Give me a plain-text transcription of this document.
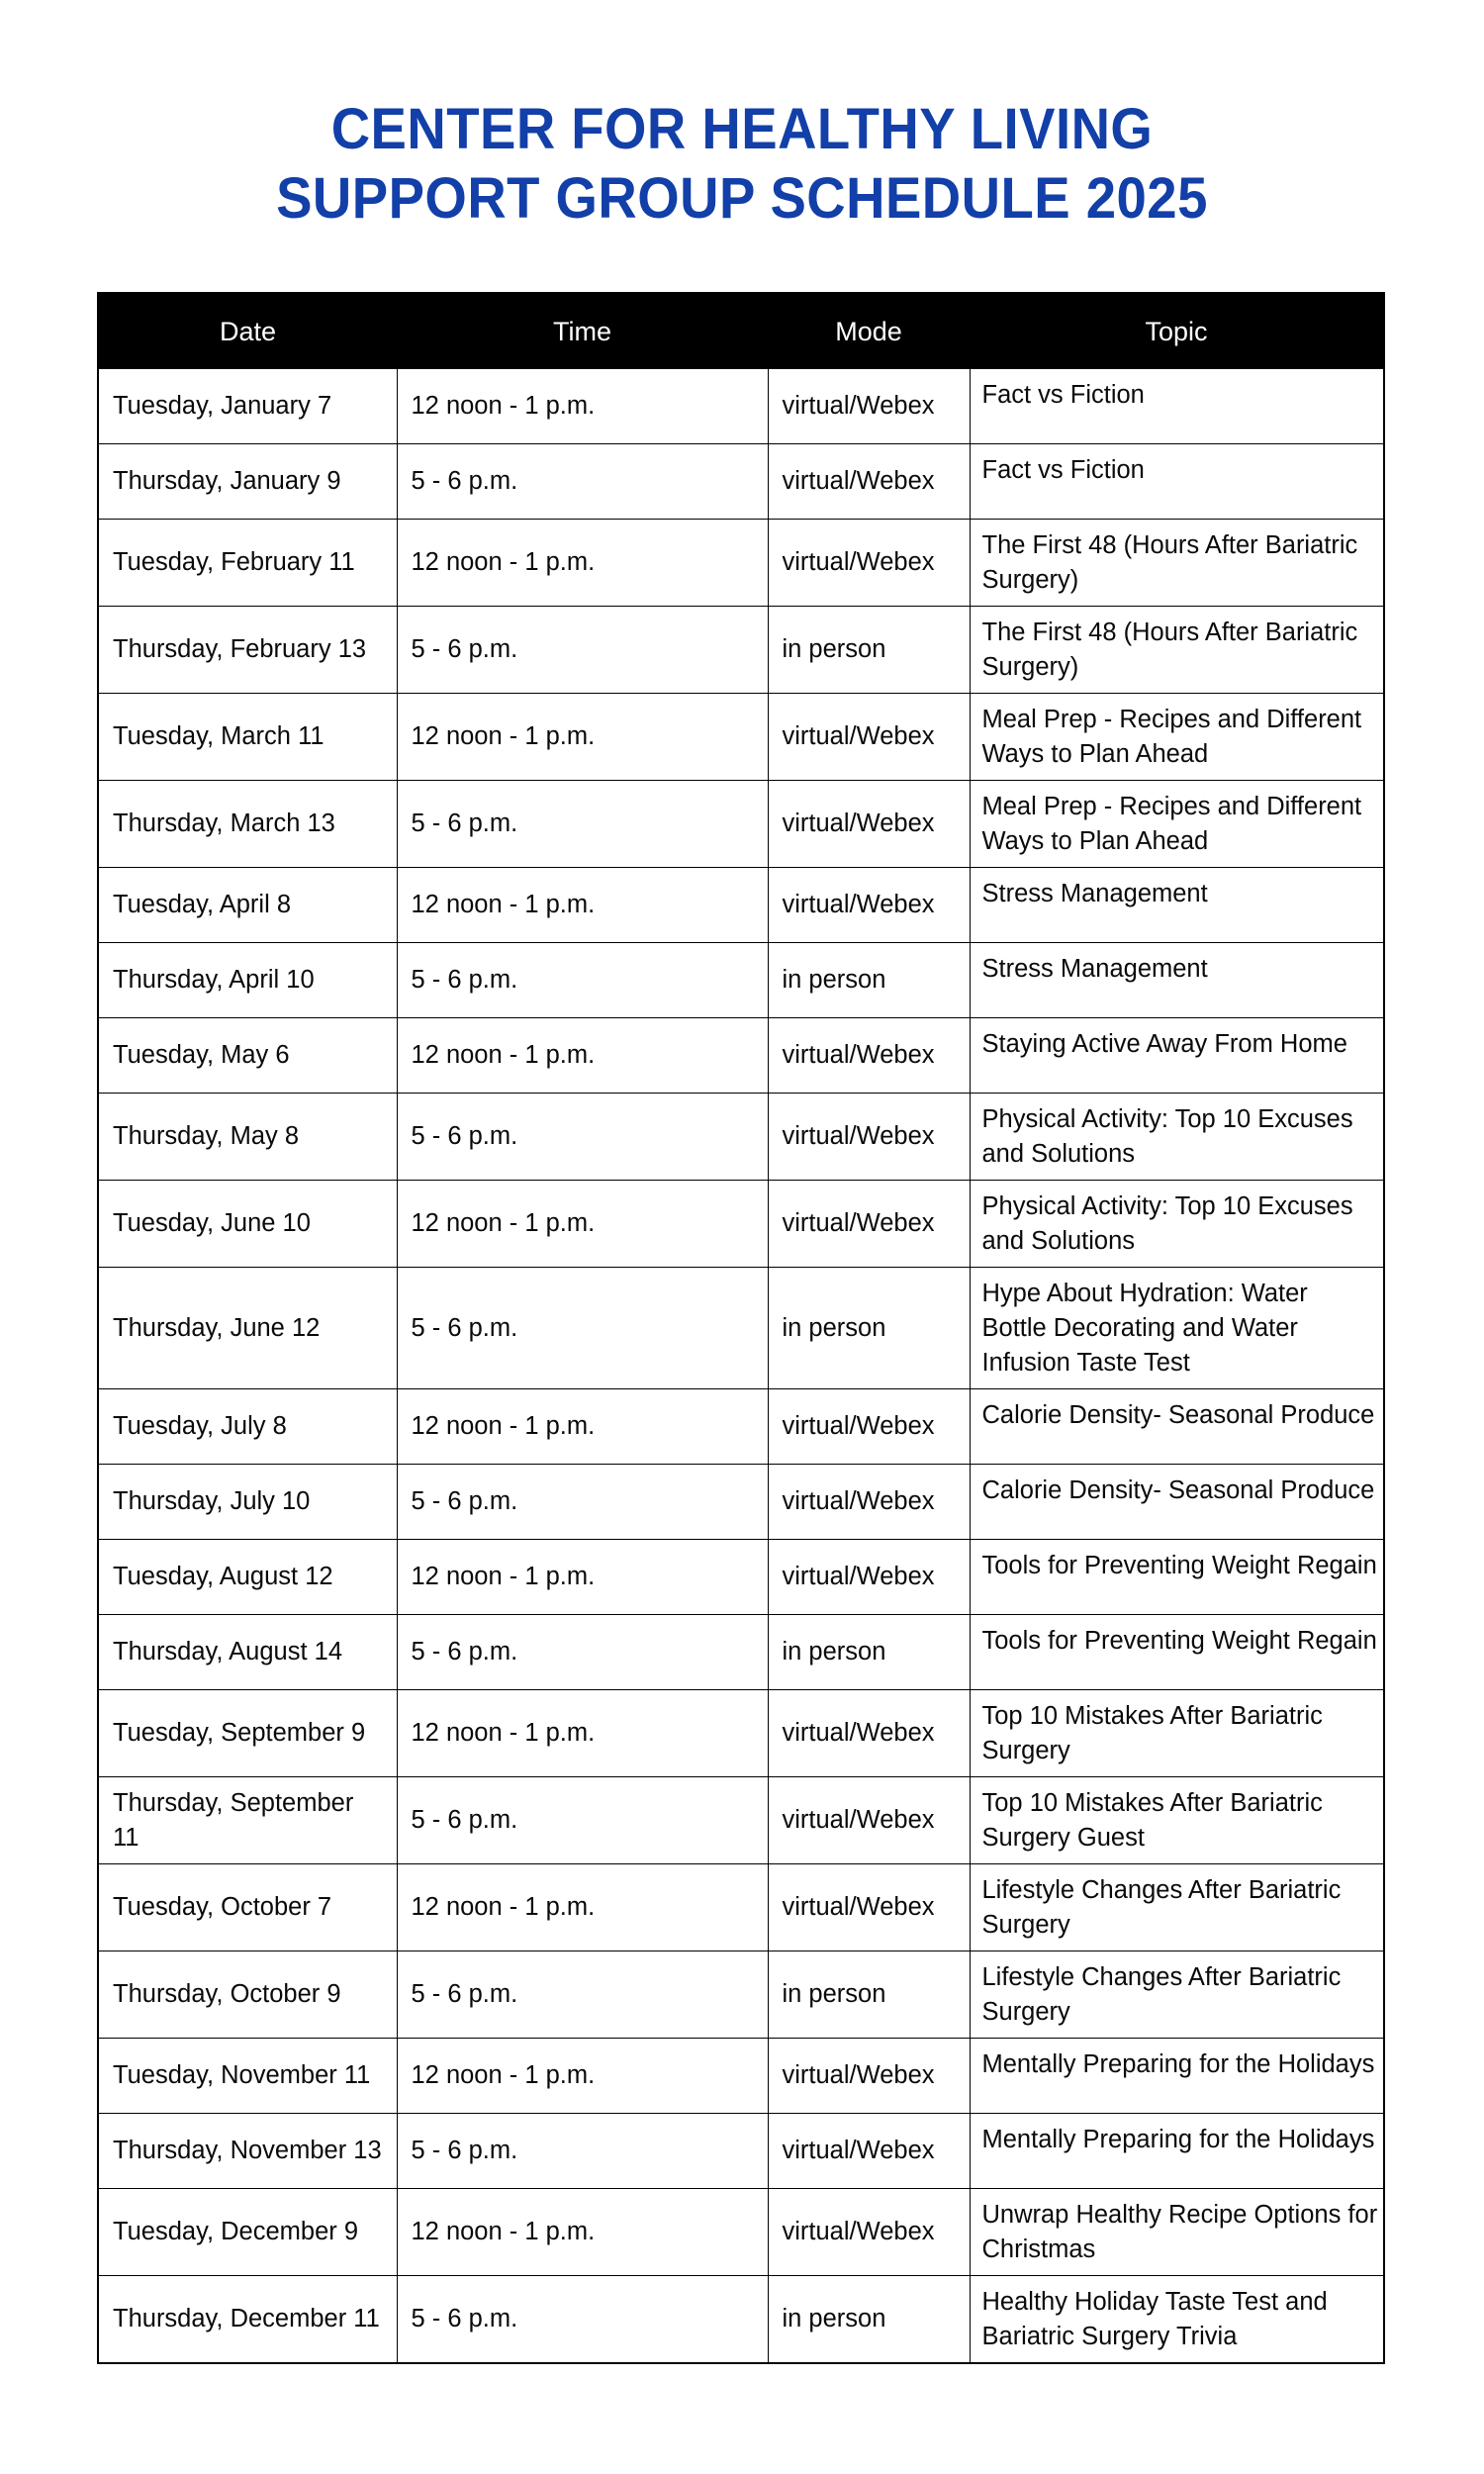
CENTER FOR HEALTHY LIVING
SUPPORT GROUP SCHEDULE 2025
Date	Time	Mode	Topic
Tuesday, January 7	12 noon - 1 p.m.	virtual/Webex	Fact vs Fiction
Thursday, January 9	5 - 6 p.m.	virtual/Webex	Fact vs Fiction
Tuesday, February 11	12 noon - 1 p.m.	virtual/Webex	The First 48 (Hours After Bariatric Surgery)
Thursday, February 13	5 - 6 p.m.	in person	The First 48 (Hours After Bariatric Surgery)
Tuesday, March 11	12 noon - 1 p.m.	virtual/Webex	Meal Prep - Recipes and Different Ways to Plan Ahead
Thursday, March 13	5 - 6 p.m.	virtual/Webex	Meal Prep - Recipes and Different Ways to Plan Ahead
Tuesday, April 8	12 noon - 1 p.m.	virtual/Webex	Stress Management
Thursday, April 10	5 - 6 p.m.	in person	Stress Management
Tuesday, May 6	12 noon - 1 p.m.	virtual/Webex	Staying Active Away From Home
Thursday, May 8	5 - 6 p.m.	virtual/Webex	Physical Activity: Top 10 Excuses and Solutions
Tuesday, June 10	12 noon - 1 p.m.	virtual/Webex	Physical Activity: Top 10 Excuses and Solutions
Thursday, June 12	5 - 6 p.m.	in person	Hype About Hydration: Water Bottle Decorating and Water Infusion Taste Test
Tuesday, July 8	12 noon - 1 p.m.	virtual/Webex	Calorie Density- Seasonal Produce
Thursday, July 10	5 - 6 p.m.	virtual/Webex	Calorie Density- Seasonal Produce
Tuesday, August 12	12 noon - 1 p.m.	virtual/Webex	Tools for Preventing Weight Regain
Thursday, August 14	5 - 6 p.m.	in person	Tools for Preventing Weight Regain
Tuesday, September 9	12 noon - 1 p.m.	virtual/Webex	Top 10 Mistakes After Bariatric Surgery
Thursday, September 11	5 - 6 p.m.	virtual/Webex	Top 10 Mistakes After Bariatric Surgery Guest
Tuesday, October 7	12 noon - 1 p.m.	virtual/Webex	Lifestyle Changes After Bariatric Surgery
Thursday, October 9	5 - 6 p.m.	in person	Lifestyle Changes After Bariatric Surgery
Tuesday, November 11	12 noon - 1 p.m.	virtual/Webex	Mentally Preparing for the Holidays
Thursday, November 13	5 - 6 p.m.	virtual/Webex	Mentally Preparing for the Holidays
Tuesday, December 9	12 noon - 1 p.m.	virtual/Webex	Unwrap Healthy Recipe Options for Christmas
Thursday, December 11	5 - 6 p.m.	in person	Healthy Holiday Taste Test and Bariatric Surgery Trivia
